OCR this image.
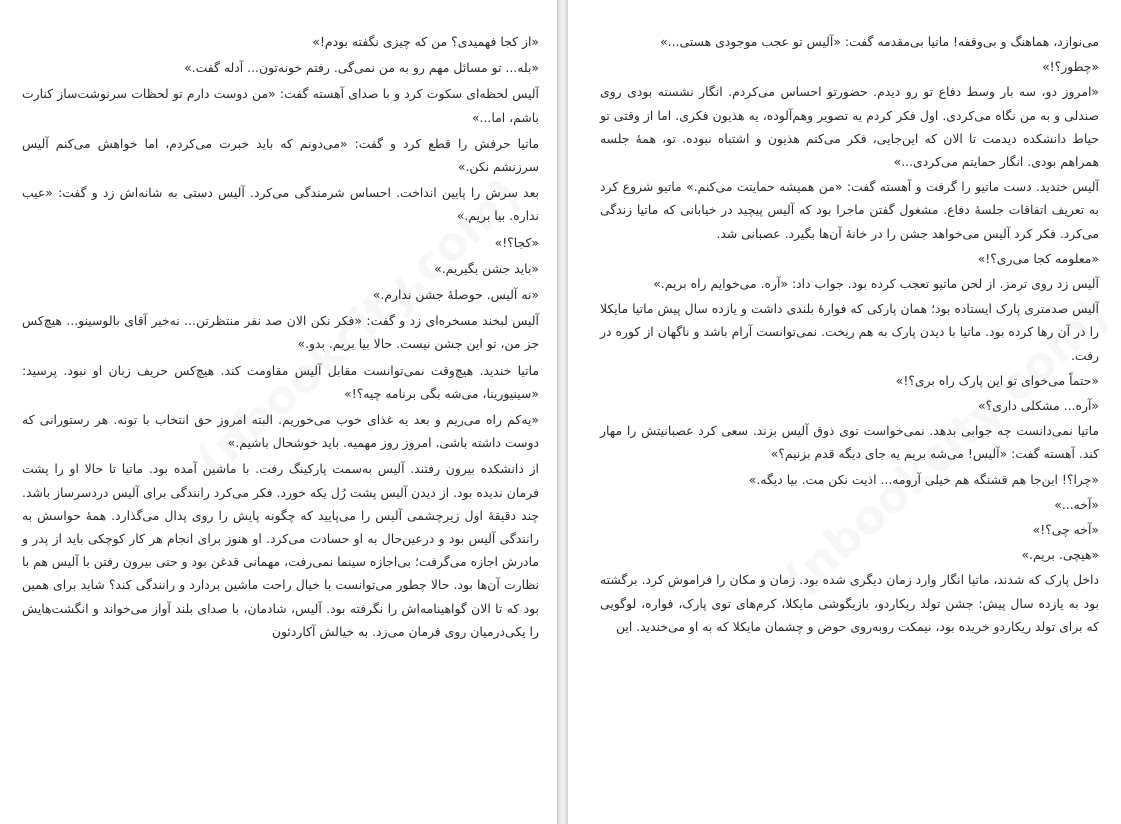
«از کجا فهمیدی؟ من که چیزی نگفته بودم!»

«بله... تو مسائل مهم رو به من نمی‌گی. رفتم خونه‌تون... آدله گفت.»

آلیس لحظه‌ای سکوت کرد و با صدای آهسته گفت: «من دوست دارم تو لحظات سرنوشت‌ساز کنارت باشم، اما...»

ماتیا حرفش را قطع کرد و گفت: «می‌دونم که باید خبرت می‌کردم، اما خواهش می‌کنم آلیس سرزنشم نکن.»

بعد سرش را پایین انداخت. احساس شرمندگی می‌کرد. آلیس دستی به شانه‌اش زد و گفت: «عیب نداره. بیا بریم.»

«کجا؟!»

«باید جشن بگیریم.»

«نه آلیس. حوصلهٔ جشن ندارم.»

آلیس لبخند مسخره‌ای زد و گفت: «فکر نکن الان صد نفر منتظرتن... نه‌خیر آقای بالوسینو... هیچ‌کس جز من، تو این جشن نیست. حالا بیا بریم. بدو.»

ماتیا خندید. هیچ‌وقت نمی‌توانست مقابل آلیس مقاومت کند. هیچ‌کس حریف زبان او نبود. پرسید: «سینیورینا، می‌شه بگی برنامه چیه؟!»

«یه‌کم راه می‌ریم و بعد یه غذای خوب می‌خوریم. البته امروز حق انتخاب با تونه. هر رستورانی که دوست داشته باشی. امروز روز مهمیه. باید خوشحال باشیم.»

از دانشکده بیرون رفتند. آلیس به‌سمت پارکینگ رفت. با ماشین آمده بود. ماتیا تا حالا او را پشت فرمان ندیده بود. از دیدن آلیس پشت رُل یکه خورد. فکر می‌کرد رانندگی برای آلیس دردسرساز باشد. چند دقیقهٔ اول زیرچشمی آلیس را می‌پایید که چگونه پایش را روی پدال می‌گذارد. همهٔ حواسش به رانندگی آلیس بود و درعین‌حال به او حسادت می‌کرد. او هنوز برای انجام هر کار کوچکی باید از پدر و مادرش اجازه می‌گرفت؛ بی‌اجازه سینما نمی‌رفت، مهمانی قدغن بود و حتی بیرون رفتن با آلیس هم با نظارت آن‌ها بود. حالا چطور می‌توانست با خیال راحت ماشین بردارد و رانندگی کند؟ شاید برای همین بود که تا الان گواهینامه‌اش را نگرفته بود. آلیس، شادمان، با صدای بلند آواز می‌خواند و انگشت‌هایش را یکی‌درمیان روی فرمان می‌زد. به خیالش آکاردئون

می‌نوازد، هماهنگ و بی‌وقفه! ماتیا بی‌مقدمه گفت: «آلیس تو عجب موجودی هستی...»

«چطور؟!»

«امروز دو، سه بار وسط دفاع تو رو دیدم. حضورتو احساس می‌کردم. انگار نشسته بودی روی صندلی و به من نگاه می‌کردی. اول فکر کردم یه تصویر وهم‌آلوده، یه هذیون فکری. اما از وقتی تو حیاط دانشکده دیدمت تا الان که این‌جایی، فکر می‌کنم هذیون و اشتباه نبوده. تو، همهٔ جلسه همراهم بودی. انگار حمایتم می‌کردی...»

آلیس خندید. دست ماتیو را گرفت و آهسته گفت: «من همیشه حمایتت می‌کنم.» ماتیو شروع کرد به تعریف اتفاقات جلسهٔ دفاع. مشغول گفتن ماجرا بود که آلیس پیچید در خیابانی که ماتیا زندگی می‌کرد. فکر کرد آلیس می‌خواهد جشن را در خانهٔ آن‌ها بگیرد. عصبانی شد.

«معلومه کجا می‌ری؟!»

آلیس زد روی ترمز. از لحن ماتیو تعجب کرده بود. جواب داد: «آره. می‌خوایم راه بریم.»

آلیس صدمتری پارک ایستاده بود؛ همان پارکی که فوارهٔ بلندی داشت و یازده سال پیش ماتیا مایکلا را در آن رها کرده بود. ماتیا با دیدن پارک به هم ریخت. نمی‌توانست آرام باشد و ناگهان از کوره در رفت.

«حتماً می‌خوای تو این پارک راه بری؟!»

«آره... مشکلی داری؟»

ماتیا نمی‌دانست چه جوابی بدهد. نمی‌خواست توی ذوق آلیس بزند. سعی کرد عصبانیتش را مهار کند. آهسته گفت: «آلیس! می‌شه بریم یه جای دیگه قدم بزنیم؟»

«چرا؟! این‌جا هم قشنگه هم خیلی آرومه... اذیت نکن مت. بیا دیگه.»

«آخه...»

«آخه چی؟!»

«هیچی. بریم.»

داخل پارک که شدند، ماتیا انگار وارد زمان دیگری شده بود. زمان و مکان را فراموش کرد. برگشته بود به یازده سال پیش: جشن تولد ریکاردو، بازیگوشی مایکلا، کرم‌های توی پارک، فواره، لوگویی که برای تولد ریکاردو خریده بود، نیمکت روبه‌روی حوض و چشمان مایکلا که به او می‌خندید. این
